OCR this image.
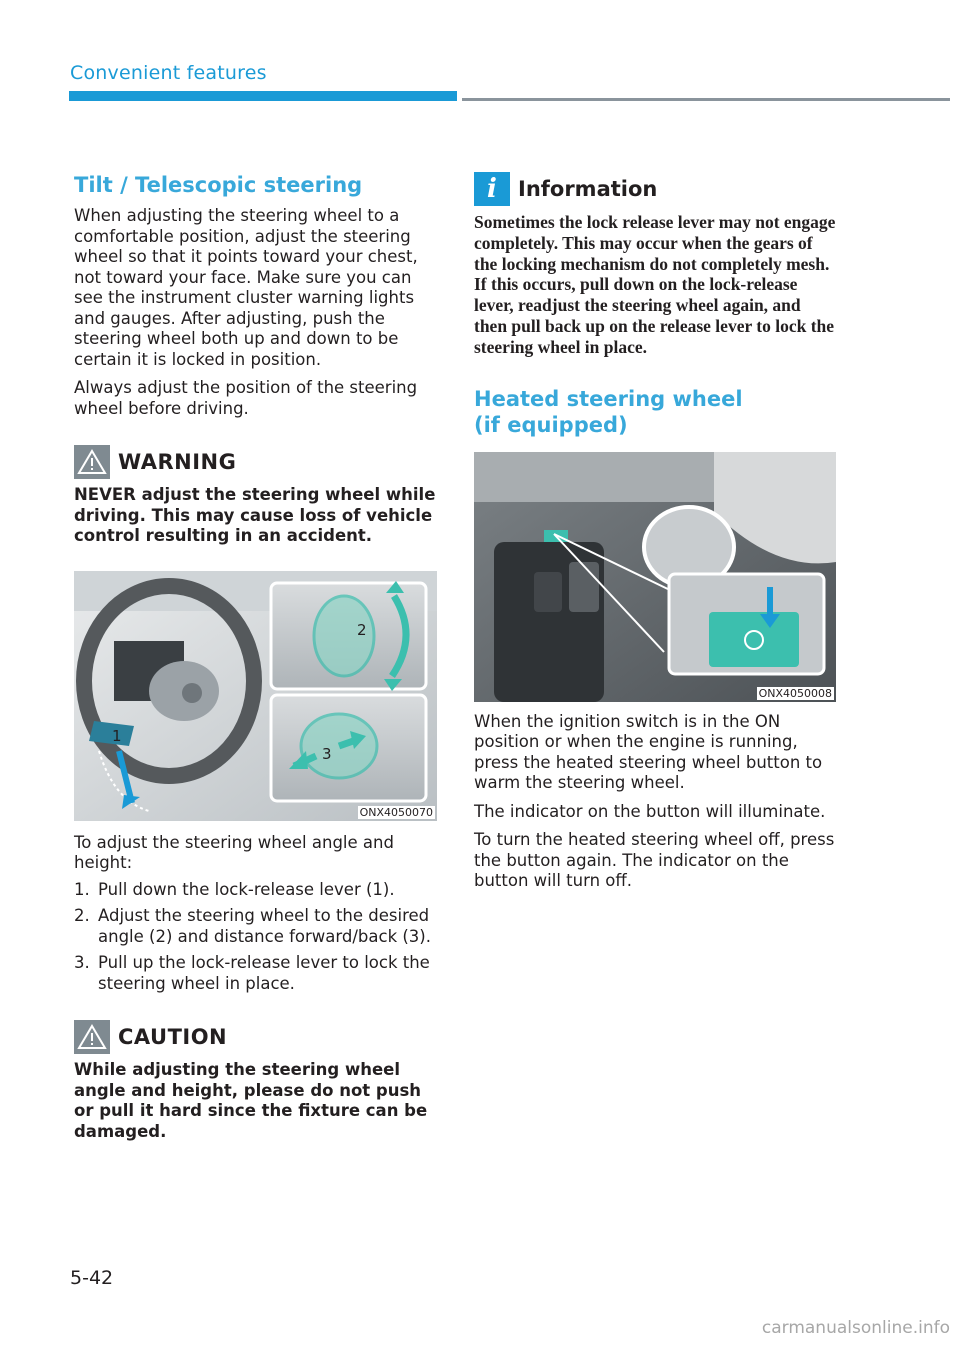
Convenient features
Tilt / Telescopic steering

When adjusting the steering wheel to a comfortable position, adjust the steering wheel so that it points toward your chest, not toward your face. Make sure you can see the instrument cluster warning lights and gauges. After adjusting, push the steering wheel both up and down to be certain it is locked in position.

Always adjust the position of the steering wheel before driving.

WARNING
NEVER adjust the steering wheel while driving. This may cause loss of vehicle control resulting in an accident.
1
2
3
ONX4050070

To adjust the steering wheel angle and height:

1. Pull down the lock-release lever (1).
2. Adjust the steering wheel to the desired angle (2) and distance forward/back (3).
3. Pull up the lock-release lever to lock the steering wheel in place.
CAUTION
While adjusting the steering wheel angle and height, please do not push or pull it hard since the fixture can be damaged.
i	Information
Sometimes the lock release lever may not engage completely. This may occur when the gears of the locking mechanism do not completely mesh. If this occurs, pull down on the lock-release lever, readjust the steering wheel again, and then pull back up on the release lever to lock the steering wheel in place.
Heated steering wheel
(if equipped)
ONX4050008

When the ignition switch is in the ON position or when the engine is running, press the heated steering wheel button to warm the steering wheel.

The indicator on the button will illuminate.

To turn the heated steering wheel off, press the button again. The indicator on the button will turn off.

5-42
carmanualsonline.info
